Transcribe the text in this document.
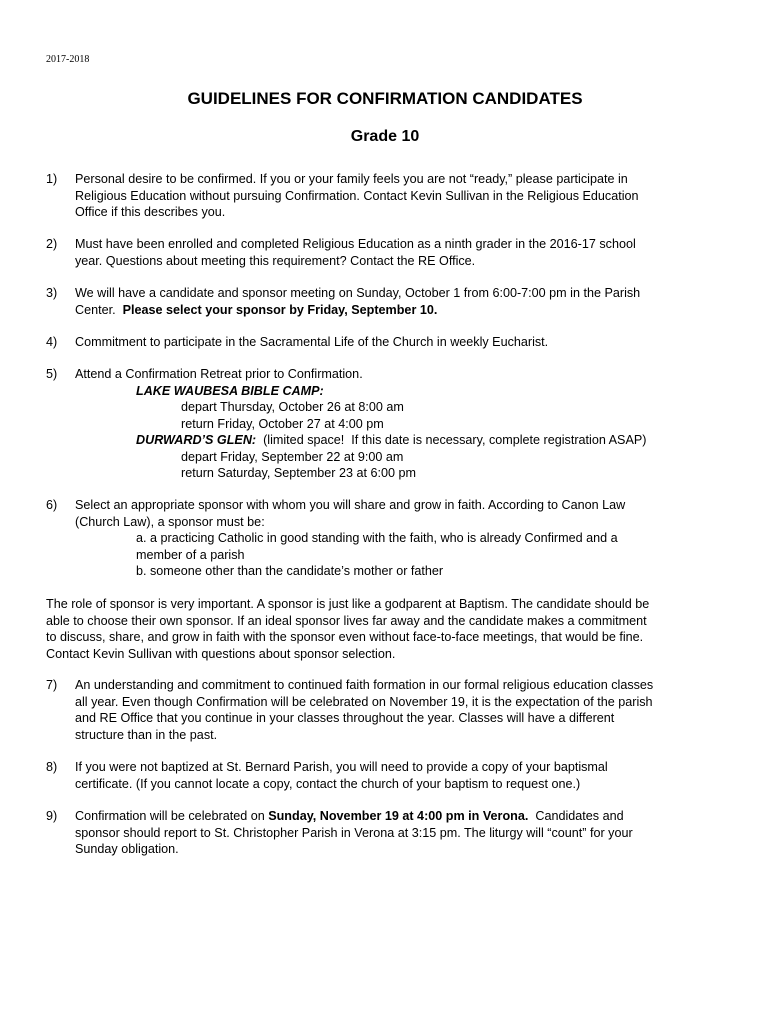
2017-2018
GUIDELINES FOR CONFIRMATION CANDIDATES
Grade 10
1) Personal desire to be confirmed. If you or your family feels you are not “ready,” please participate in
Religious Education without pursuing Confirmation. Contact Kevin Sullivan in the Religious Education
Office if this describes you.
2) Must have been enrolled and completed Religious Education as a ninth grader in the 2016-17 school
year. Questions about meeting this requirement? Contact the RE Office.
3) We will have a candidate and sponsor meeting on Sunday, October 1 from 6:00-7:00 pm in the Parish
Center.  Please select your sponsor by Friday, September 10.
4) Commitment to participate in the Sacramental Life of the Church in weekly Eucharist.
5) Attend a Confirmation Retreat prior to Confirmation.
LAKE WAUBESA BIBLE CAMP:
depart Thursday, October 26 at 8:00 am
return Friday, October 27 at 4:00 pm
DURWARD’S GLEN:  (limited space!  If this date is necessary, complete registration ASAP)
depart Friday, September 22 at 9:00 am
return Saturday, September 23 at 6:00 pm
6) Select an appropriate sponsor with whom you will share and grow in faith. According to Canon Law
(Church Law), a sponsor must be:
a. a practicing Catholic in good standing with the faith, who is already Confirmed and a
member of a parish
b. someone other than the candidate’s mother or father
The role of sponsor is very important. A sponsor is just like a godparent at Baptism. The candidate should be
able to choose their own sponsor. If an ideal sponsor lives far away and the candidate makes a commitment
to discuss, share, and grow in faith with the sponsor even without face-to-face meetings, that would be fine.
Contact Kevin Sullivan with questions about sponsor selection.
7) An understanding and commitment to continued faith formation in our formal religious education classes
all year. Even though Confirmation will be celebrated on November 19, it is the expectation of the parish
and RE Office that you continue in your classes throughout the year. Classes will have a different
structure than in the past.
8) If you were not baptized at St. Bernard Parish, you will need to provide a copy of your baptismal
certificate. (If you cannot locate a copy, contact the church of your baptism to request one.)
9) Confirmation will be celebrated on Sunday, November 19 at 4:00 pm in Verona.  Candidates and
sponsor should report to St. Christopher Parish in Verona at 3:15 pm. The liturgy will “count” for your
Sunday obligation.
